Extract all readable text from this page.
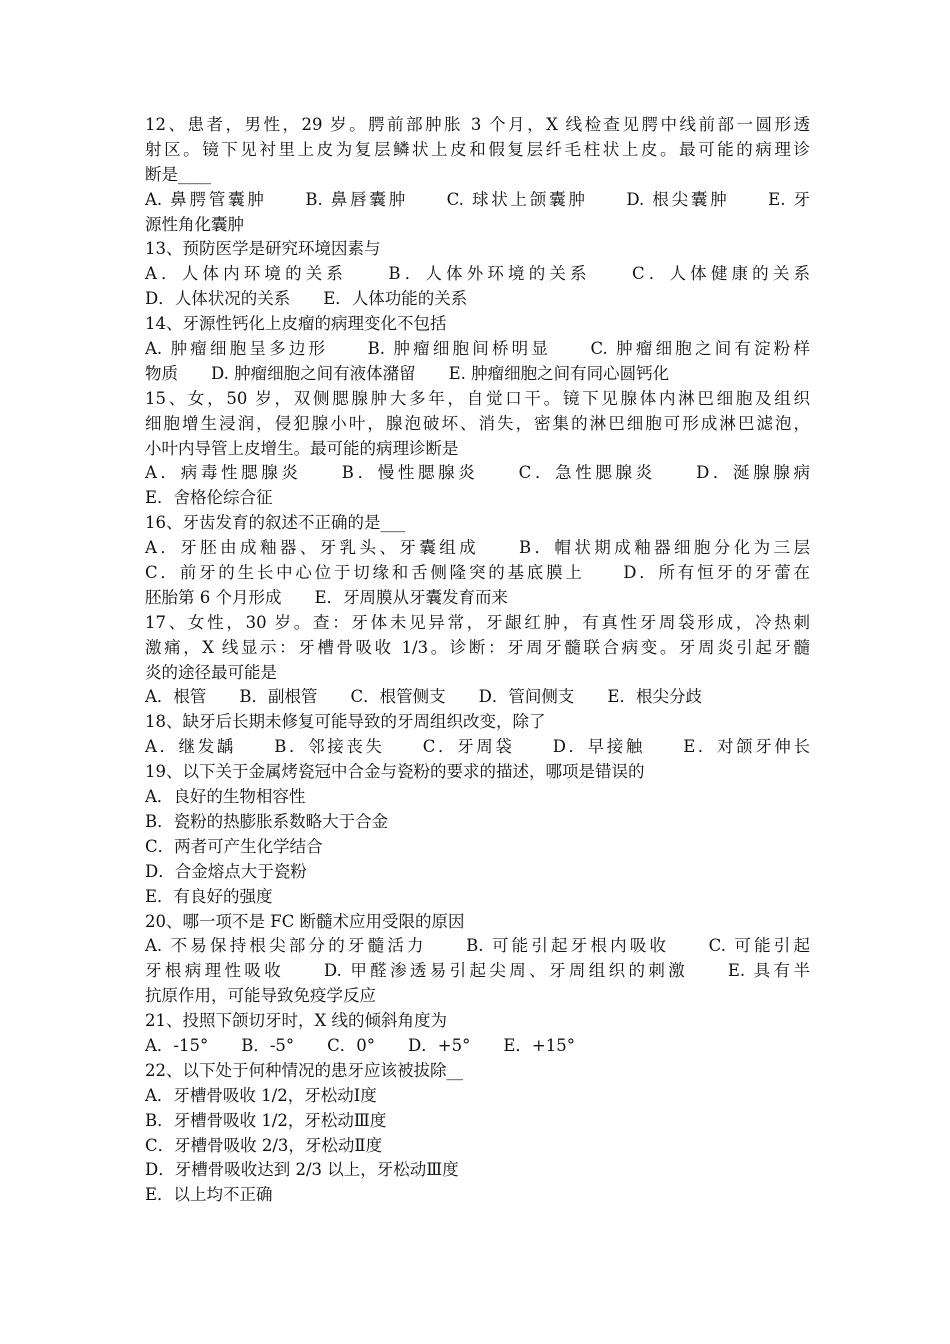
12、患者，男性，29 岁。腭前部肿胀 3 个月，X 线检查见腭中线前部一圆形透
射区。镜下见衬里上皮为复层鳞状上皮和假复层纤毛柱状上皮。最可能的病理诊
断是____
A. 鼻腭管囊肿　　B. 鼻唇囊肿　　C. 球状上颌囊肿　　D. 根尖囊肿　　E. 牙
源性角化囊肿
13、预防医学是研究环境因素与
A．人体内环境的关系　　B．人体外环境的关系　　C．人体健康的关系
D．人体状况的关系　　E．人体功能的关系
14、牙源性钙化上皮瘤的病理变化不包括
A. 肿瘤细胞呈多边形　　B. 肿瘤细胞间桥明显　　C. 肿瘤细胞之间有淀粉样
物质　　D. 肿瘤细胞之间有液体潴留　　E. 肿瘤细胞之间有同心圆钙化
15、女，50 岁，双侧腮腺肿大多年，自觉口干。镜下见腺体内淋巴细胞及组织
细胞增生浸润，侵犯腺小叶，腺泡破坏、消失，密集的淋巴细胞可形成淋巴滤泡，
小叶内导管上皮增生。最可能的病理诊断是
A．病毒性腮腺炎　　B．慢性腮腺炎　　C．急性腮腺炎　　D．涎腺腺病
E．舍格伦综合征
16、牙齿发育的叙述不正确的是___
A．牙胚由成釉器、牙乳头、牙囊组成　　B．帽状期成釉器细胞分化为三层
C．前牙的生长中心位于切缘和舌侧隆突的基底膜上　　D．所有恒牙的牙蕾在
胚胎第 6 个月形成　　E．牙周膜从牙囊发育而来
17、女性，30 岁。查：牙体未见异常，牙龈红肿，有真性牙周袋形成，冷热刺
激痛，X 线显示：牙槽骨吸收 1/3。诊断：牙周牙髓联合病变。牙周炎引起牙髓
炎的途径最可能是
A．根管　　B．副根管　　C．根管侧支　　D．管间侧支　　E．根尖分歧
18、缺牙后长期未修复可能导致的牙周组织改变，除了
A．继发龋　　B．邻接丧失　　C．牙周袋　　D．早接触　　E．对颌牙伸长
19、以下关于金属烤瓷冠中合金与瓷粉的要求的描述，哪项是错误的
A．良好的生物相容性
B．瓷粉的热膨胀系数略大于合金
C．两者可产生化学结合
D．合金熔点大于瓷粉
E．有良好的强度
20、哪一项不是 FC 断髓术应用受限的原因
A. 不易保持根尖部分的牙髓活力　　B. 可能引起牙根内吸收　　C. 可能引起
牙根病理性吸收　　D. 甲醛渗透易引起尖周、牙周组织的刺激　　E. 具有半
抗原作用，可能导致免疫学反应
21、投照下颌切牙时，X 线的倾斜角度为
A．-15°　　B．-5°　　C．0°　　D．+5°　　E．+15°
22、以下处于何种情况的患牙应该被拔除__
A．牙槽骨吸收 1/2，牙松动Ⅰ度
B．牙槽骨吸收 1/2，牙松动Ⅲ度
C．牙槽骨吸收 2/3，牙松动Ⅱ度
D．牙槽骨吸收达到 2/3 以上，牙松动Ⅲ度
E．以上均不正确
